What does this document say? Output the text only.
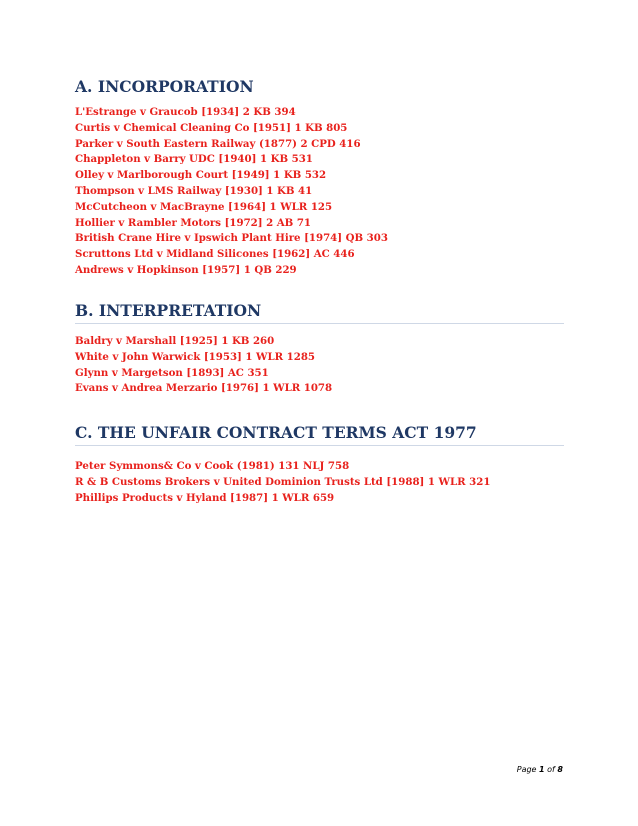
A. INCORPORATION
L'Estrange v Graucob [1934] 2 KB 394
Curtis v Chemical Cleaning Co [1951] 1 KB 805
Parker v South Eastern Railway (1877) 2 CPD 416
Chappleton v Barry UDC [1940] 1 KB 531
Olley v Marlborough Court [1949] 1 KB 532
Thompson v LMS Railway [1930] 1 KB 41
McCutcheon v MacBrayne [1964] 1 WLR 125
Hollier v Rambler Motors [1972] 2 AB 71
British Crane Hire v Ipswich Plant Hire [1974] QB 303
Scruttons Ltd v Midland Silicones [1962] AC 446
Andrews v Hopkinson [1957] 1 QB 229
B. INTERPRETATION
Baldry v Marshall [1925] 1 KB 260
White v John Warwick [1953] 1 WLR 1285
Glynn v Margetson [1893] AC 351
Evans v Andrea Merzario [1976] 1 WLR 1078
C. THE UNFAIR CONTRACT TERMS ACT 1977
Peter Symmons& Co v Cook (1981) 131 NLJ 758
R & B Customs Brokers v United Dominion Trusts Ltd [1988] 1 WLR 321
Phillips Products v Hyland [1987] 1 WLR 659
Page 1 of 8
